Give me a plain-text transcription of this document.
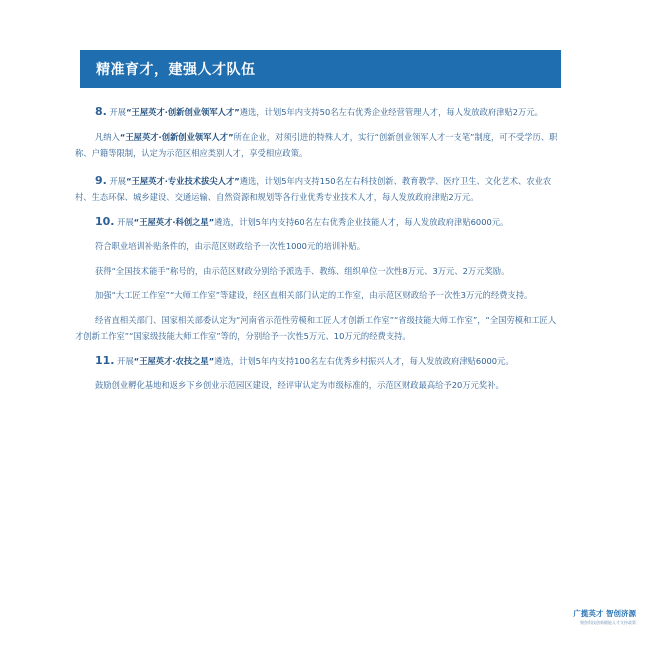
精准育才，建强人才队伍

8. 开展“王屋英才·创新创业领军人才”遴选，计划5年内支持50名左右优秀企业经营管理人才，每人发放政府津贴2万元。

凡纳入“王屋英才·创新创业领军人才”所在企业，对须引进的特殊人才，实行“创新创业领军人才一支笔”制度，可不受学历、职称、户籍等限制，认定为示范区相应类别人才，享受相应政策。

9. 开展“王屋英才·专业技术拔尖人才”遴选，计划5年内支持150名左右科技创新、教育教学、医疗卫生、文化艺术、农业农村、生态环保、城乡建设、交通运输、自然资源和规划等各行业优秀专业技术人才，每人发放政府津贴2万元。

10. 开展“王屋英才·科创之星”遴选，计划5年内支持60名左右优秀企业技能人才，每人发放政府津贴6000元。

符合职业培训补贴条件的，由示范区财政给予一次性1000元的培训补贴。

获得“全国技术能手”称号的，由示范区财政分别给予派选手、教练、组织单位一次性8万元、3万元、2万元奖励。

加强“大工匠工作室”“大师工作室”等建设，经区直相关部门认定的工作室，由示范区财政给予一次性3万元的经费支持。

经省直相关部门、国家相关部委认定为“河南省示范性劳模和工匠人才创新工作室”“省级技能大师工作室”，“全国劳模和工匠人才创新工作室”“国家级技能大师工作室”等的，分别给予一次性5万元、10万元的经费支持。

11. 开展“王屋英才·农技之星”遴选，计划5年内支持100名左右优秀乡村振兴人才，每人发放政府津贴6000元。

鼓励创业孵化基地和返乡下乡创业示范园区建设，经评审认定为市级标准的，示范区财政最高给予20万元奖补。

广揽英才 智创济源
聚焦科技创新赋能人才支持政策
